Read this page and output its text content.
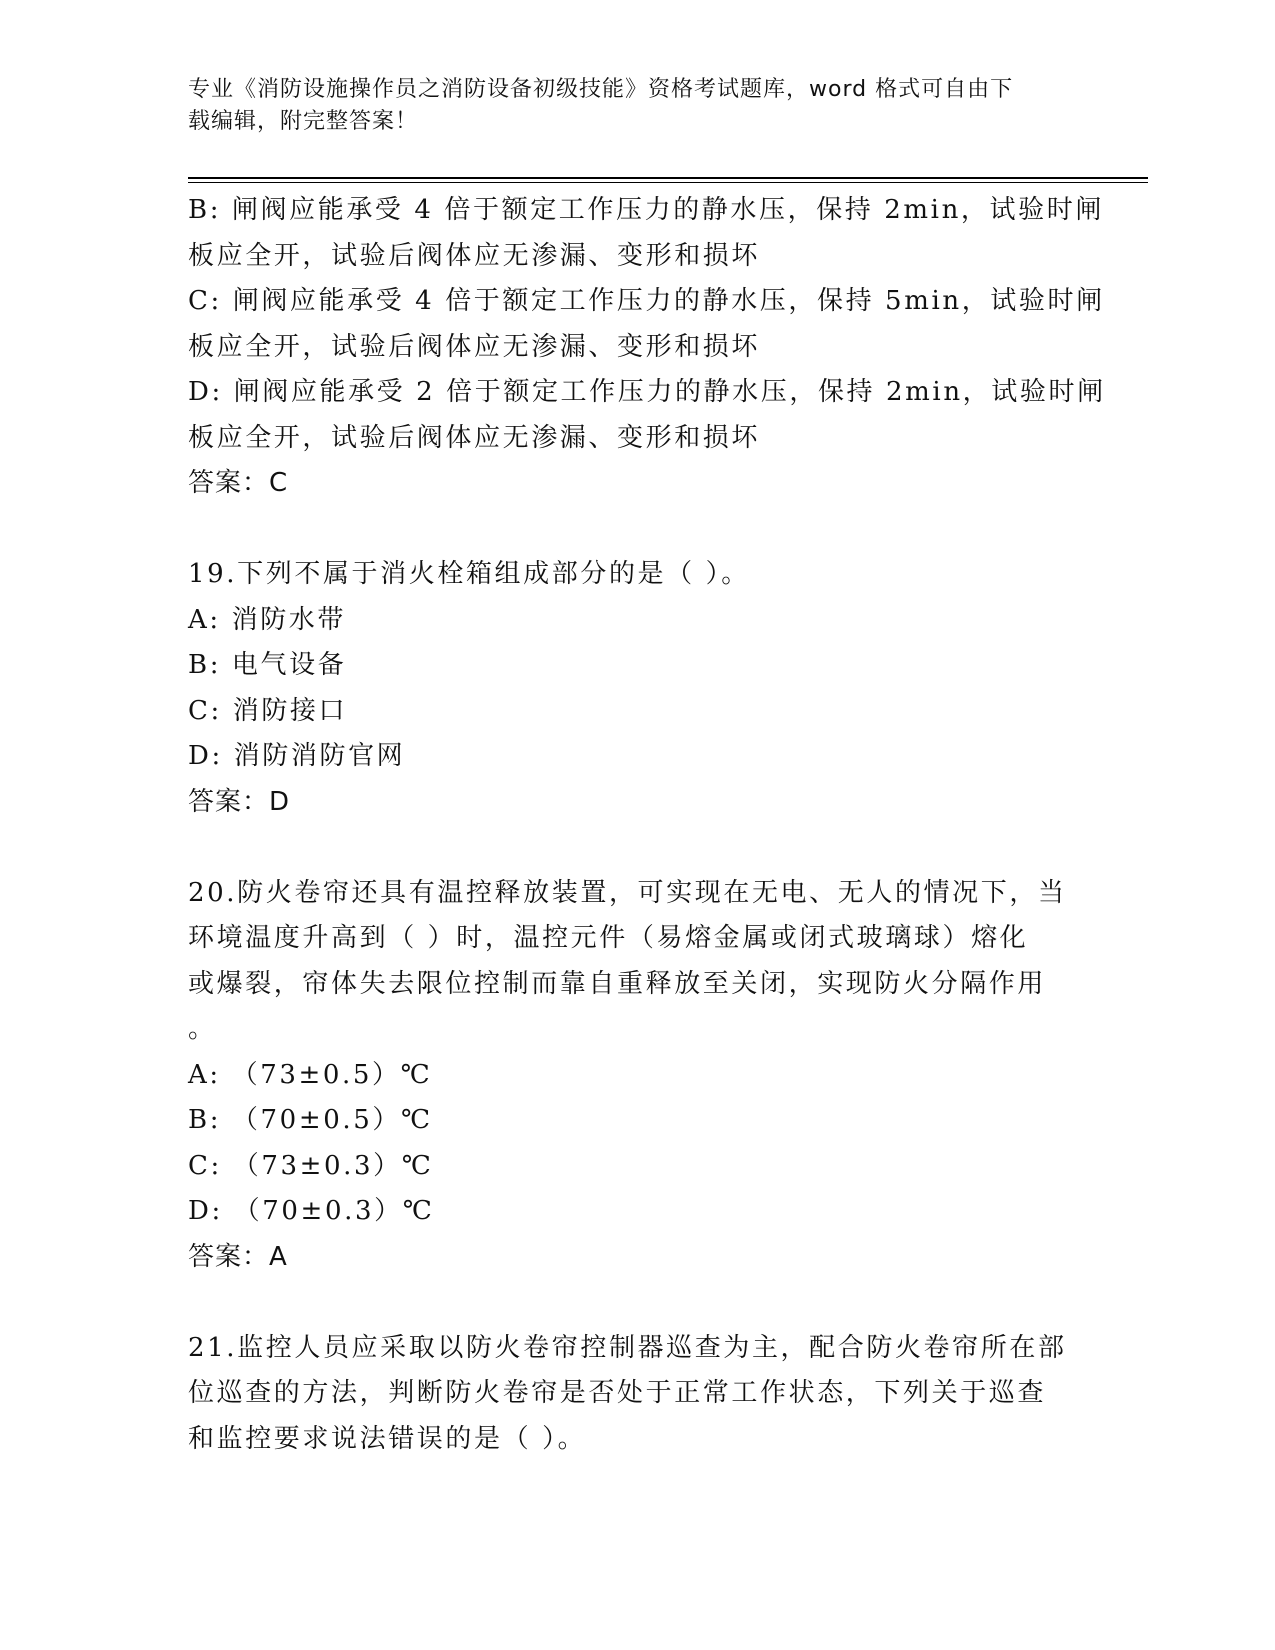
专业《消防设施操作员之消防设备初级技能》资格考试题库，word 格式可自由下
载编辑，附完整答案！
B: 闸阀应能承受 4 倍于额定工作压力的静水压，保持 2min，试验时闸
板应全开，试验后阀体应无渗漏、变形和损坏
C: 闸阀应能承受 4 倍于额定工作压力的静水压，保持 5min，试验时闸
板应全开，试验后阀体应无渗漏、变形和损坏
D: 闸阀应能承受 2 倍于额定工作压力的静水压，保持 2min，试验时闸
板应全开，试验后阀体应无渗漏、变形和损坏
答案：C
19.下列不属于消火栓箱组成部分的是（ ）。
A: 消防水带
B: 电气设备
C: 消防接口
D: 消防消防官网
答案：D
20.防火卷帘还具有温控释放装置，可实现在无电、无人的情况下，当
环境温度升高到（ ）时，温控元件（易熔金属或闭式玻璃球）熔化
或爆裂，帘体失去限位控制而靠自重释放至关闭，实现防火分隔作用
。
A: （73±0.5）℃
B: （70±0.5）℃
C: （73±0.3）℃
D: （70±0.3）℃
答案：A
21.监控人员应采取以防火卷帘控制器巡查为主，配合防火卷帘所在部
位巡查的方法，判断防火卷帘是否处于正常工作状态，下列关于巡查
和监控要求说法错误的是（ ）。
